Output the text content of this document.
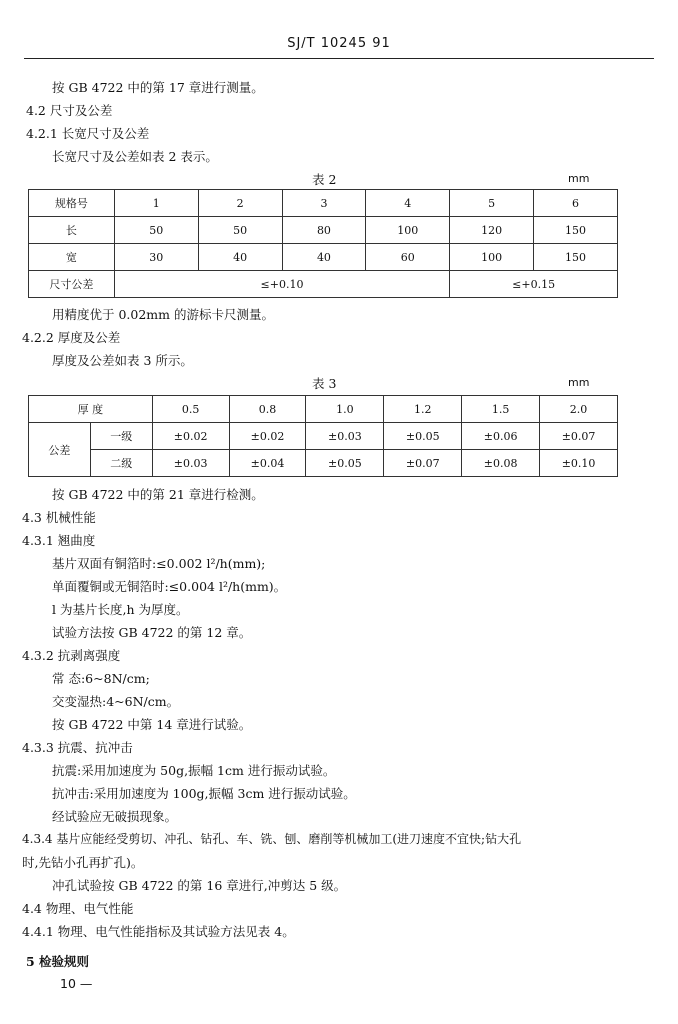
SJ/T 10245 91
按 GB 4722 中的第 17 章进行测量。
4.2 尺寸及公差
4.2.1 长宽尺寸及公差
长宽尺寸及公差如表 2 表示。
表 2	mm
规格号	1	2	3	4	5	6
长	50	50	80	100	120	150
宽	30	40	40	60	100	150
尺寸公差	≤+0.10				≤+0.15	
用精度优于 0.02mm 的游标卡尺测量。
4.2.2 厚度及公差
厚度及公差如表 3 所示。
表 3	mm
厚 度		0.5	0.8	1.0	1.2	1.5	2.0
公差	一级	±0.02	±0.02	±0.03	±0.05	±0.06	±0.07
	二级	±0.03	±0.04	±0.05	±0.07	±0.08	±0.10
按 GB 4722 中的第 21 章进行检测。
4.3 机械性能
4.3.1 翘曲度
基片双面有铜箔时:≤0.002 l²/h(mm);
单面覆铜或无铜箔时:≤0.004 l²/h(mm)。
l 为基片长度,h 为厚度。
试验方法按 GB 4722 的第 12 章。
4.3.2 抗剥离强度
常 态:6~8N/cm;
交变湿热:4~6N/cm。
按 GB 4722 中第 14 章进行试验。
4.3.3 抗震、抗冲击
抗震:采用加速度为 50g,振幅 1cm 进行振动试验。
抗冲击:采用加速度为 100g,振幅 3cm 进行振动试验。
经试验应无破损现象。
4.3.4 基片应能经受剪切、冲孔、钻孔、车、铣、刨、磨削等机械加工(进刀速度不宜快;钻大孔
时,先钻小孔再扩孔)。
冲孔试验按 GB 4722 的第 16 章进行,冲剪达 5 级。
4.4 物理、电气性能
4.4.1 物理、电气性能指标及其试验方法见表 4。
5 检验规则
10 —
